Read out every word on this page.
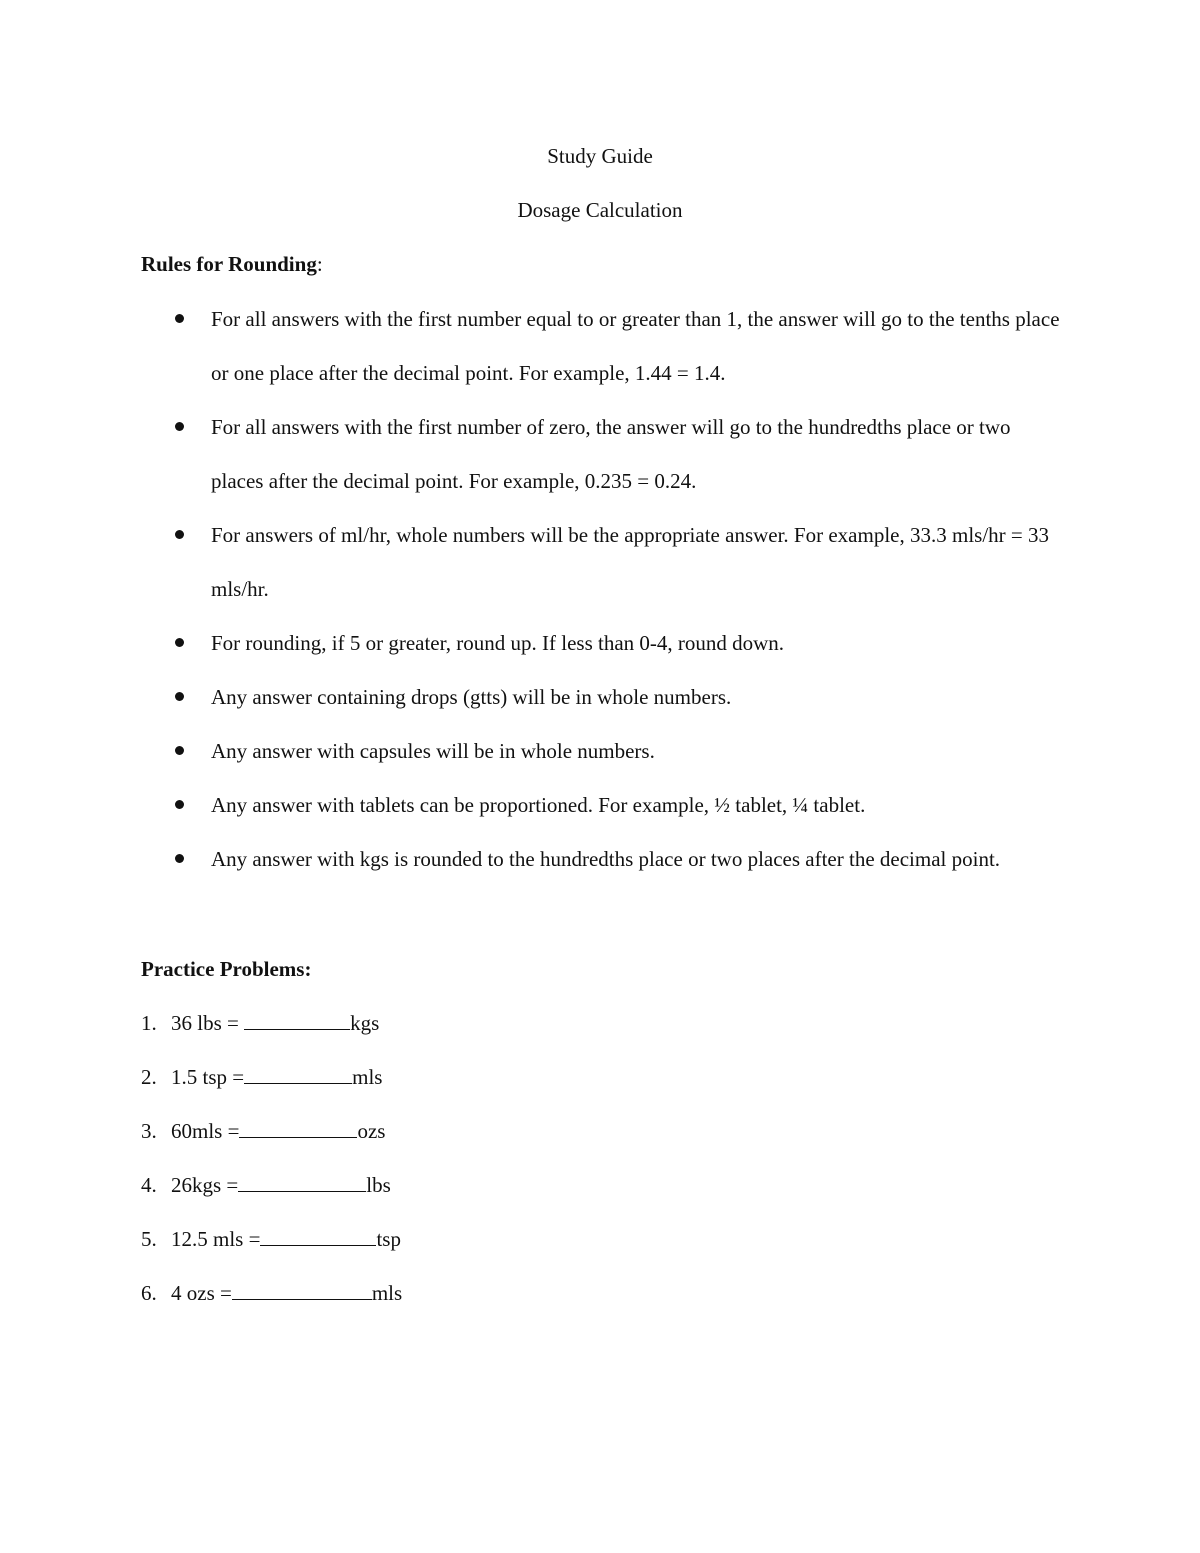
Study Guide
Dosage Calculation
Rules for Rounding:
For all answers with the first number equal to or greater than 1, the answer will go to the tenths place or one place after the decimal point. For example, 1.44 = 1.4.
For all answers with the first number of zero, the answer will go to the hundredths place or two places after the decimal point. For example, 0.235 = 0.24.
For answers of ml/hr, whole numbers will be the appropriate answer. For example, 33.3 mls/hr = 33 mls/hr.
For rounding, if 5 or greater, round up. If less than 0-4, round down.
Any answer containing drops (gtts) will be in whole numbers.
Any answer with capsules will be in whole numbers.
Any answer with tablets can be proportioned. For example, ½ tablet, ¼ tablet.
Any answer with kgs is rounded to the hundredths place or two places after the decimal point.
Practice Problems:
1. 36 lbs =	kgs
2. 1.5 tsp =	mls
3. 60mls =	ozs
4. 26kgs =	lbs
5. 12.5 mls =	tsp
6. 4 ozs =	mls
